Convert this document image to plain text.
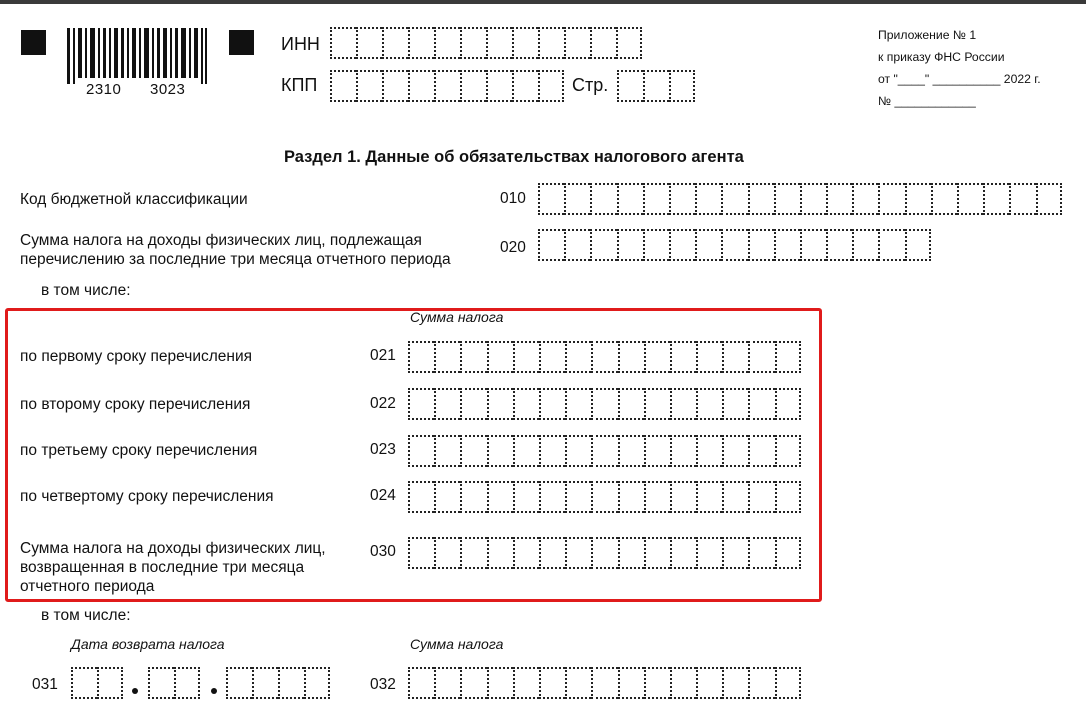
2310 3023
ИНН
КПП	Стр.
Приложение № 1
к приказу ФНС России
от "____" __________ 2022 г.
№ ____________
Раздел 1. Данные об обязательствах налогового агента
Код бюджетной классификации	010
Сумма налога на доходы физических лиц, подлежащая
перечислению за последние три месяца отчетного периода
020
в том числе:
Сумма налога
по первому сроку перечисления	021
по второму сроку перечисления	022
по третьему сроку перечисления	023
по четвертому сроку перечисления	024
Сумма налога на доходы физических лиц,
возвращенная в последние три месяца
отчетного периода
030
в том числе:
Дата возврата налога	Сумма налога
031	032
